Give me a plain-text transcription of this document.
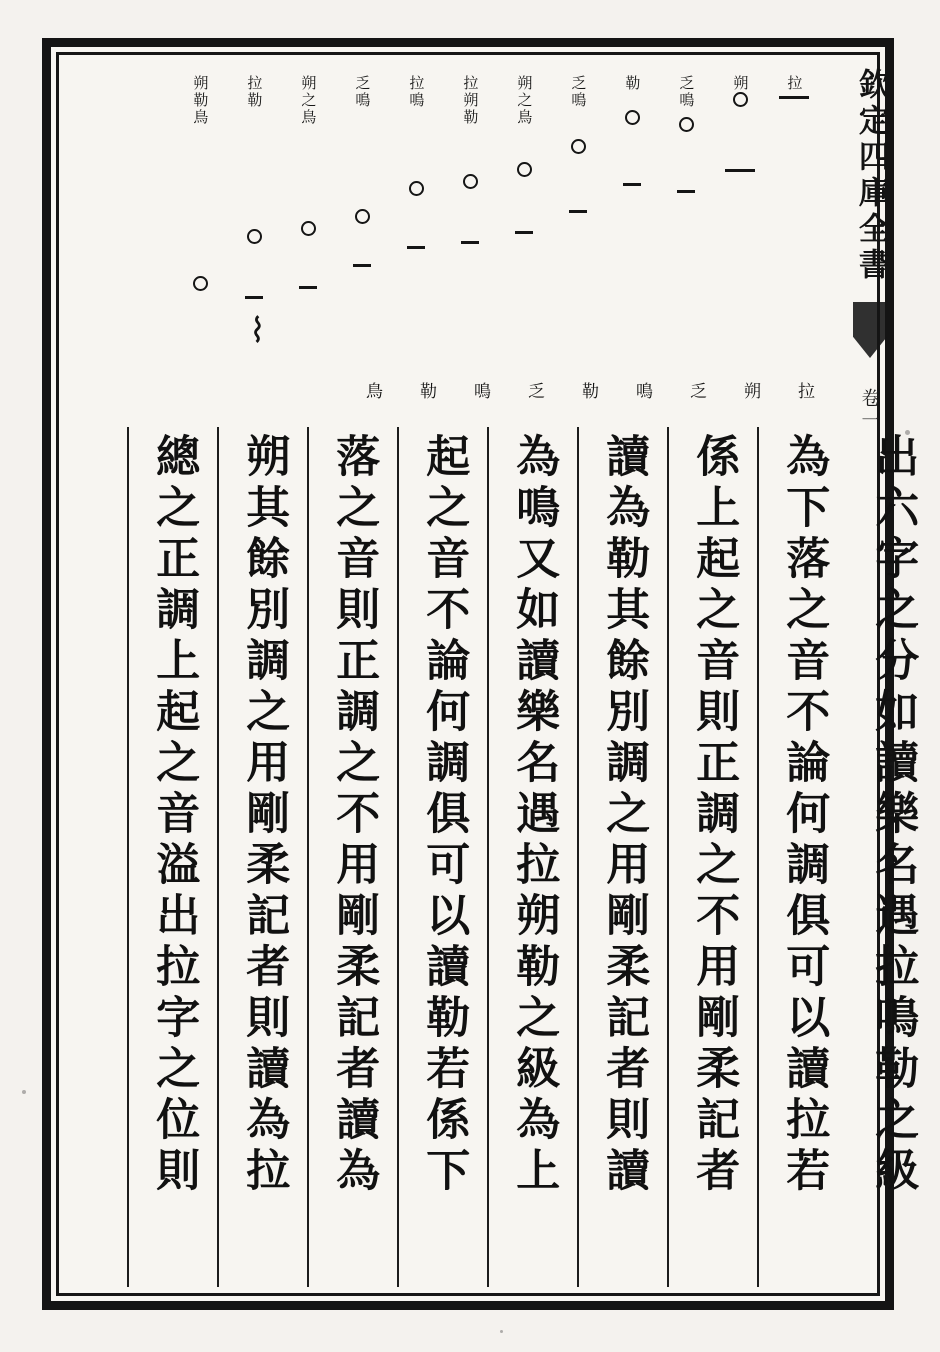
朔勒鳥 拉勒 朔之鳥 乏鳴 拉鳴 拉朔勒 朔之鳥 乏鳴 勒 乏鳴 朔 拉
⌇
鳥	勒	鳴	乏	勒	鳴	乏	朔	拉
出六字之分如讀樂名遇拉鳴勒之級
為下落之音不論何調俱可以讀拉若
係上起之音則正調之不用剛柔記者
讀為勒其餘別調之用剛柔記者則讀
為鳴又如讀樂名遇拉朔勒之級為上
起之音不論何調俱可以讀勒若係下
落之音則正調之不用剛柔記者讀為
朔其餘別調之用剛柔記者則讀為拉
總之正調上起之音溢出拉字之位則
欽定四庫全書
卷一
